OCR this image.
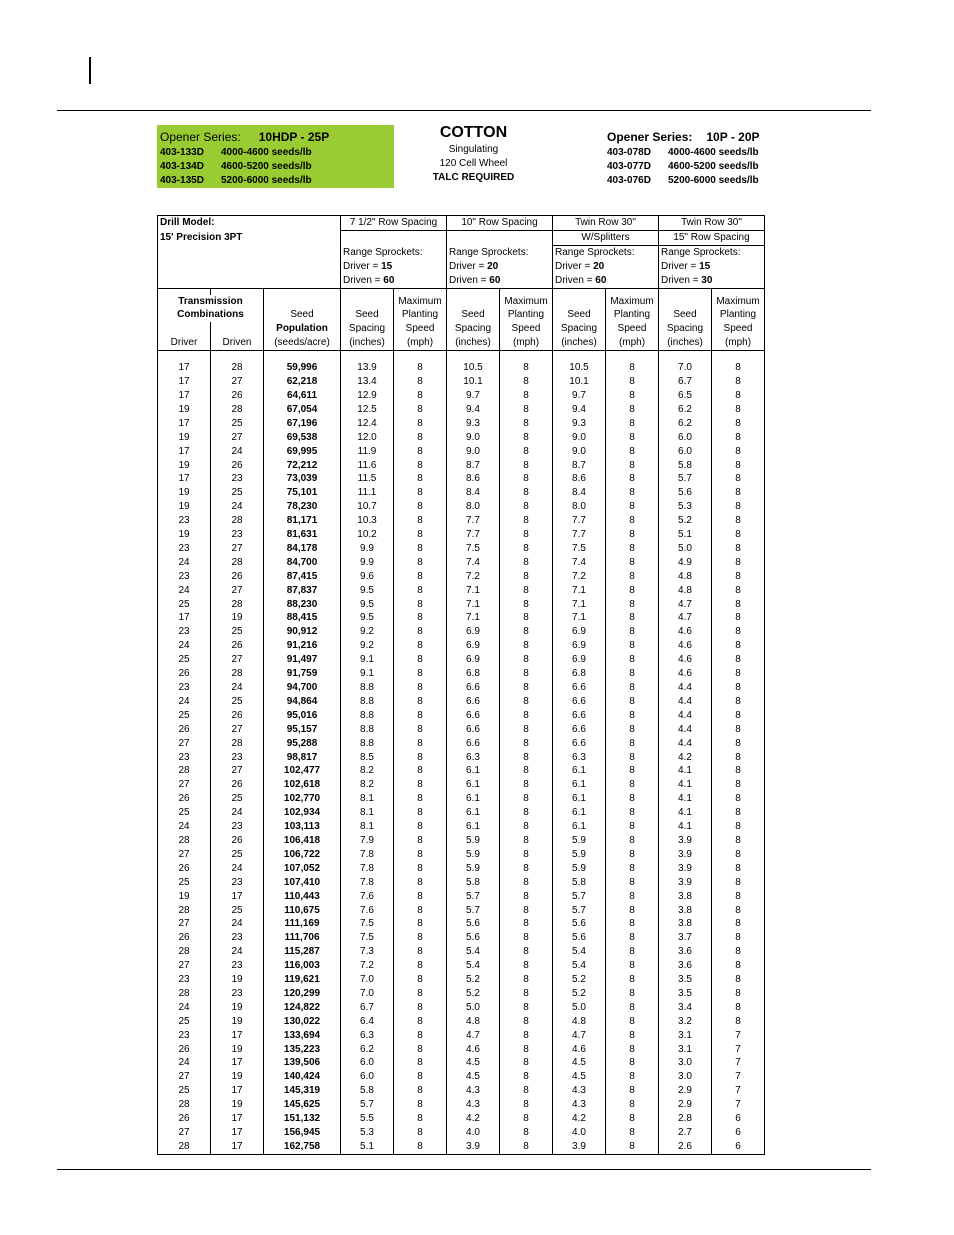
Opener Series: 10HDP - 25P
403-133D 4000-4600 seeds/lb
403-134D 4600-5200 seeds/lb
403-135D 5200-6000 seeds/lb
COTTON
Singulating
120 Cell Wheel
TALC REQUIRED
Opener Series: 10P - 20P
403-078D 4000-4600 seeds/lb
403-077D 4600-5200 seeds/lb
403-076D 5200-6000 seeds/lb
Drill Model:			7 1/2" Row Spacing		10" Row Spacing		Twin Row 30"		Twin Row 30"	
15' Precision 3PT							W/Splitters		15" Row Spacing	
			Range Sprockets:		Range Sprockets:		Range Sprockets:		Range Sprockets:	
			Driver = 15		Driver = 20		Driver = 20		Driver = 15	
			Driven = 60		Driven = 60		Driven = 60		Driven = 30	

Transmission				Maximum		Maximum		Maximum		Maximum
Combinations		Seed	Seed	Planting	Seed	Planting	Seed	Planting	Seed	Planting
		Population	Spacing	Speed	Spacing	Speed	Spacing	Speed	Spacing	Speed
Driver	Driven	(seeds/acre)	(inches)	(mph)	(inches)	(mph)	(inches)	(mph)	(inches)	(mph)

17	28	59,996	13.9	8	10.5	8	10.5	8	7.0	8
17	27	62,218	13.4	8	10.1	8	10.1	8	6.7	8
17	26	64,611	12.9	8	9.7	8	9.7	8	6.5	8
19	28	67,054	12.5	8	9.4	8	9.4	8	6.2	8
17	25	67,196	12.4	8	9.3	8	9.3	8	6.2	8
19	27	69,538	12.0	8	9.0	8	9.0	8	6.0	8
17	24	69,995	11.9	8	9.0	8	9.0	8	6.0	8
19	26	72,212	11.6	8	8.7	8	8.7	8	5.8	8
17	23	73,039	11.5	8	8.6	8	8.6	8	5.7	8
19	25	75,101	11.1	8	8.4	8	8.4	8	5.6	8
19	24	78,230	10.7	8	8.0	8	8.0	8	5.3	8
23	28	81,171	10.3	8	7.7	8	7.7	8	5.2	8
19	23	81,631	10.2	8	7.7	8	7.7	8	5.1	8
23	27	84,178	9.9	8	7.5	8	7.5	8	5.0	8
24	28	84,700	9.9	8	7.4	8	7.4	8	4.9	8
23	26	87,415	9.6	8	7.2	8	7.2	8	4.8	8
24	27	87,837	9.5	8	7.1	8	7.1	8	4.8	8
25	28	88,230	9.5	8	7.1	8	7.1	8	4.7	8
17	19	88,415	9.5	8	7.1	8	7.1	8	4.7	8
23	25	90,912	9.2	8	6.9	8	6.9	8	4.6	8
24	26	91,216	9.2	8	6.9	8	6.9	8	4.6	8
25	27	91,497	9.1	8	6.9	8	6.9	8	4.6	8
26	28	91,759	9.1	8	6.8	8	6.8	8	4.6	8
23	24	94,700	8.8	8	6.6	8	6.6	8	4.4	8
24	25	94,864	8.8	8	6.6	8	6.6	8	4.4	8
25	26	95,016	8.8	8	6.6	8	6.6	8	4.4	8
26	27	95,157	8.8	8	6.6	8	6.6	8	4.4	8
27	28	95,288	8.8	8	6.6	8	6.6	8	4.4	8
23	23	98,817	8.5	8	6.3	8	6.3	8	4.2	8
28	27	102,477	8.2	8	6.1	8	6.1	8	4.1	8
27	26	102,618	8.2	8	6.1	8	6.1	8	4.1	8
26	25	102,770	8.1	8	6.1	8	6.1	8	4.1	8
25	24	102,934	8.1	8	6.1	8	6.1	8	4.1	8
24	23	103,113	8.1	8	6.1	8	6.1	8	4.1	8
28	26	106,418	7.9	8	5.9	8	5.9	8	3.9	8
27	25	106,722	7.8	8	5.9	8	5.9	8	3.9	8
26	24	107,052	7.8	8	5.9	8	5.9	8	3.9	8
25	23	107,410	7.8	8	5.8	8	5.8	8	3.9	8
19	17	110,443	7.6	8	5.7	8	5.7	8	3.8	8
28	25	110,675	7.6	8	5.7	8	5.7	8	3.8	8
27	24	111,169	7.5	8	5.6	8	5.6	8	3.8	8
26	23	111,706	7.5	8	5.6	8	5.6	8	3.7	8
28	24	115,287	7.3	8	5.4	8	5.4	8	3.6	8
27	23	116,003	7.2	8	5.4	8	5.4	8	3.6	8
23	19	119,621	7.0	8	5.2	8	5.2	8	3.5	8
28	23	120,299	7.0	8	5.2	8	5.2	8	3.5	8
24	19	124,822	6.7	8	5.0	8	5.0	8	3.4	8
25	19	130,022	6.4	8	4.8	8	4.8	8	3.2	8
23	17	133,694	6.3	8	4.7	8	4.7	8	3.1	7
26	19	135,223	6.2	8	4.6	8	4.6	8	3.1	7
24	17	139,506	6.0	8	4.5	8	4.5	8	3.0	7
27	19	140,424	6.0	8	4.5	8	4.5	8	3.0	7
25	17	145,319	5.8	8	4.3	8	4.3	8	2.9	7
28	19	145,625	5.7	8	4.3	8	4.3	8	2.9	7
26	17	151,132	5.5	8	4.2	8	4.2	8	2.8	6
27	17	156,945	5.3	8	4.0	8	4.0	8	2.7	6
28	17	162,758	5.1	8	3.9	8	3.9	8	2.6	6
